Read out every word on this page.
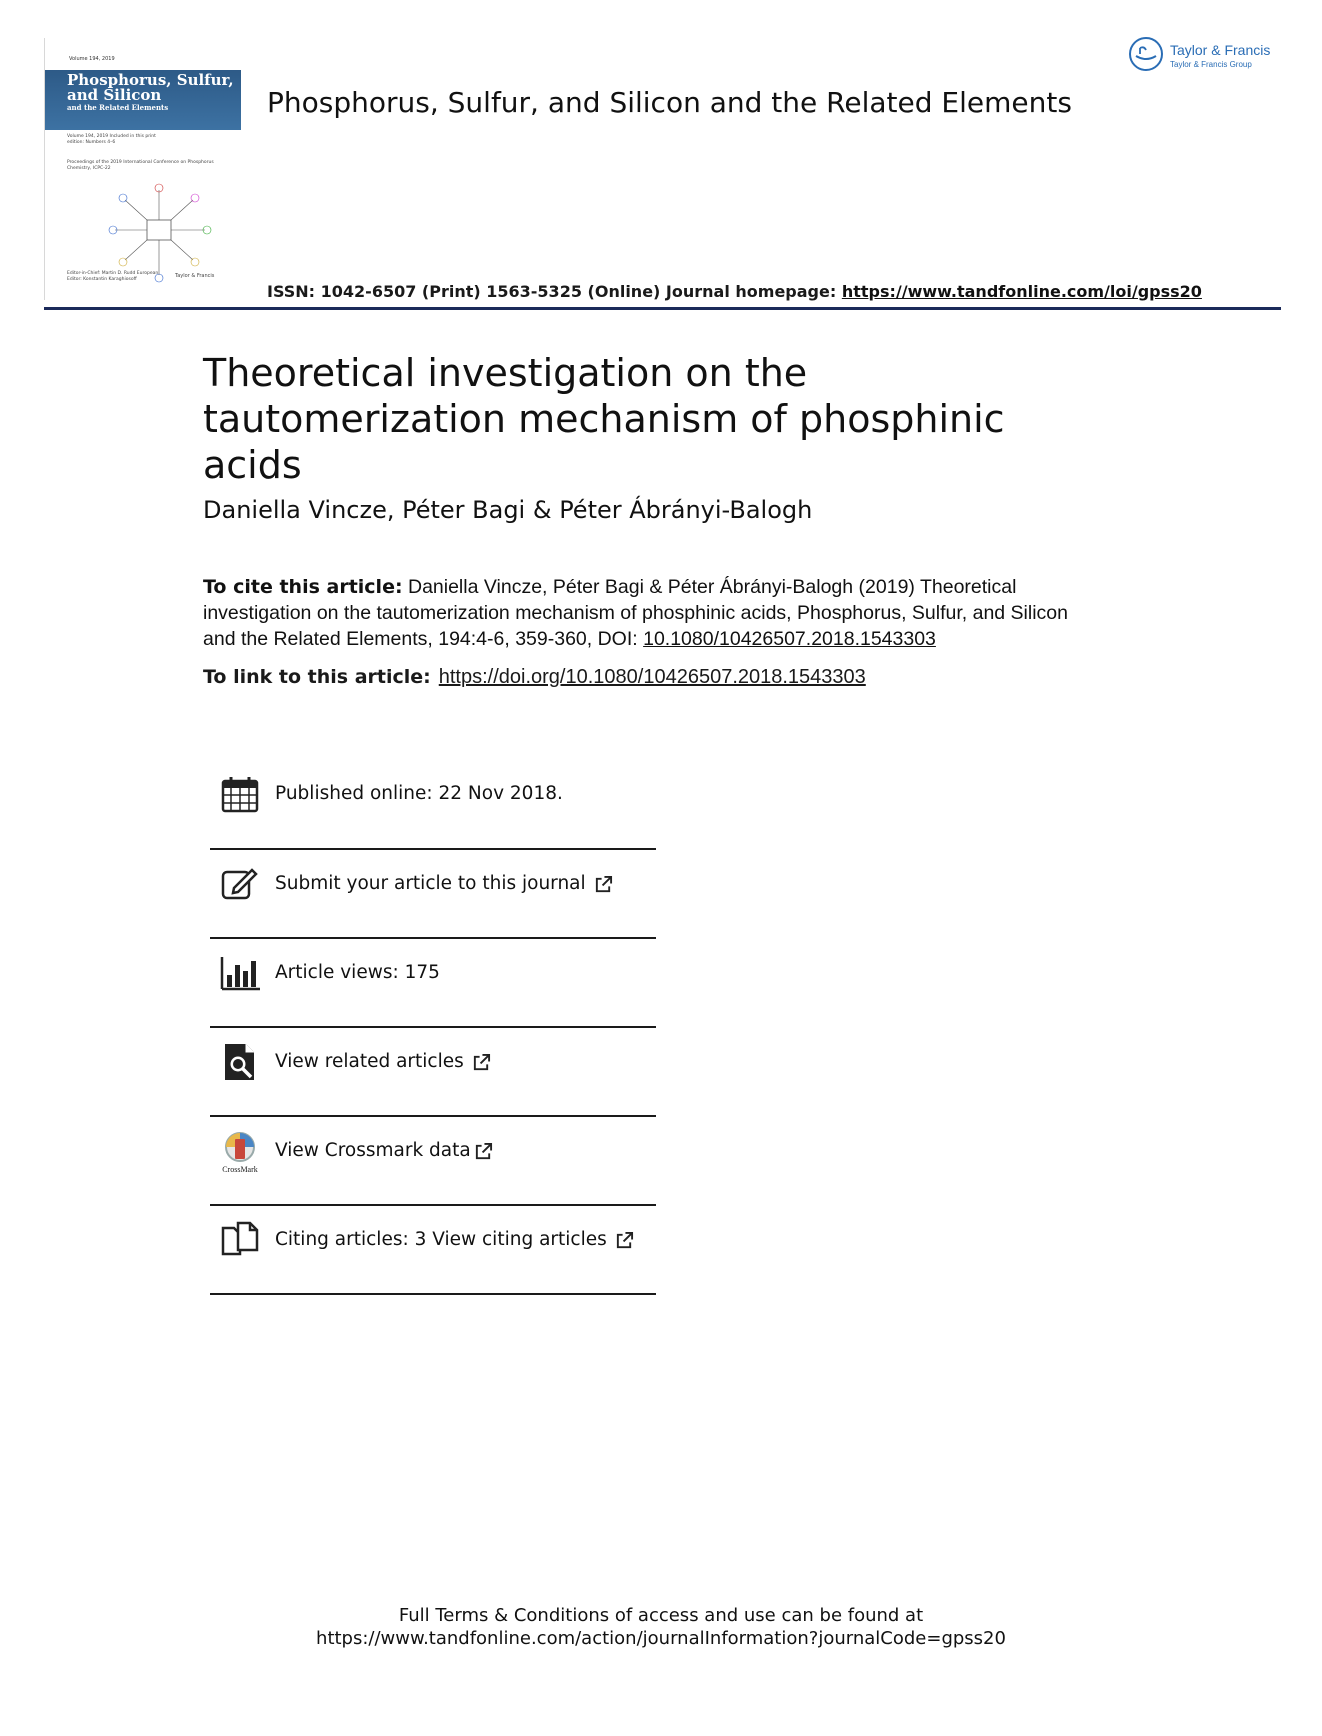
Volume 194, 2019
Phosphorus, Sulfur, and Silicon
and the Related Elements
Volume 194, 2019 Included in this print edition: Numbers 4–6
Proceedings of the 2019 International Conference on Phosphorus Chemistry, ICPC-22
Editor-in-Chief: Martin D. Rudd European Editor: Konstantin Karaghiosoff
Taylor & Francis
Phosphorus, Sulfur, and Silicon and the Related Elements
Taylor & Francis
Taylor & Francis Group
ISSN: 1042-6507 (Print) 1563-5325 (Online) Journal homepage: https://www.tandfonline.com/loi/gpss20
Theoretical investigation on the tautomerization mechanism of phosphinic acids
Daniella Vincze, Péter Bagi & Péter Ábrányi-Balogh
To cite this article: Daniella Vincze, Péter Bagi & Péter Ábrányi-Balogh (2019) Theoretical investigation on the tautomerization mechanism of phosphinic acids, Phosphorus, Sulfur, and Silicon and the Related Elements, 194:4-6, 359-360, DOI: 10.1080/10426507.2018.1543303
To link to this article: https://doi.org/10.1080/10426507.2018.1543303
Published online: 22 Nov 2018.
Submit your article to this journal
Article views: 175
View related articles
CrossMark
View Crossmark data
Citing articles: 3 View citing articles
Full Terms & Conditions of access and use can be found at
https://www.tandfonline.com/action/journalInformation?journalCode=gpss20
